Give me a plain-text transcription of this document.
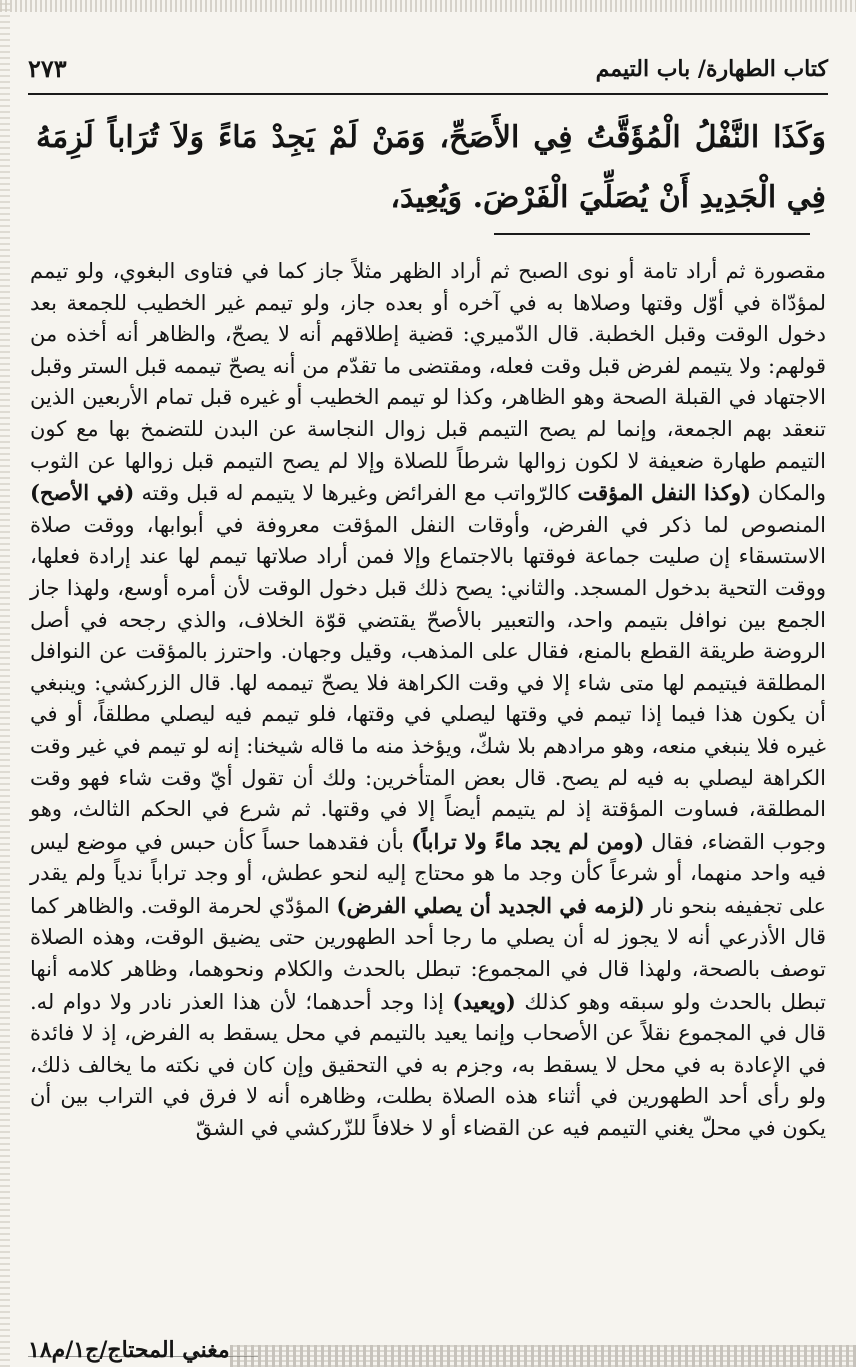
كتاب الطهارة/ باب التيمم
٢٧٣
وَكَذَا النَّفْلُ الْمُؤَقَّتُ فِي الأَصَحِّ، وَمَنْ لَمْ يَجِدْ مَاءً وَلاَ تُرَاباً لَزِمَهُ فِي الْجَدِيدِ أَنْ يُصَلِّيَ الْفَرْضَ. وَيُعِيدَ،
مقصورة ثم أراد تامة أو نوى الصبح ثم أراد الظهر مثلاً جاز كما في فتاوى البغوي، ولو تيمم لمؤدّاة في أوّل وقتها وصلاها به في آخره أو بعده جاز، ولو تيمم غير الخطيب للجمعة بعد دخول الوقت وقبل الخطبة. قال الدّميري: قضية إطلاقهم أنه لا يصحّ، والظاهر أنه أخذه من قولهم: ولا يتيمم لفرض قبل وقت فعله، ومقتضى ما تقدّم من أنه يصحّ تيممه قبل الستر وقبل الاجتهاد في القبلة الصحة وهو الظاهر، وكذا لو تيمم الخطيب أو غيره قبل تمام الأربعين الذين تنعقد بهم الجمعة، وإنما لم يصح التيمم قبل زوال النجاسة عن البدن للتضمخ بها مع كون التيمم طهارة ضعيفة لا لكون زوالها شرطاً للصلاة وإلا لم يصح التيمم قبل زوالها عن الثوب والمكان (وكذا النفل المؤقت كالرّواتب مع الفرائض وغيرها لا يتيمم له قبل وقته (في الأصح) المنصوص لما ذكر في الفرض، وأوقات النفل المؤقت معروفة في أبوابها، ووقت صلاة الاستسقاء إن صليت جماعة فوقتها بالاجتماع وإلا فمن أراد صلاتها تيمم لها عند إرادة فعلها، ووقت التحية بدخول المسجد. والثاني: يصح ذلك قبل دخول الوقت لأن أمره أوسع، ولهذا جاز الجمع بين نوافل بتيمم واحد، والتعبير بالأصحّ يقتضي قوّة الخلاف، والذي رجحه في أصل الروضة طريقة القطع بالمنع، فقال على المذهب، وقيل وجهان. واحترز بالمؤقت عن النوافل المطلقة فيتيمم لها متى شاء إلا في وقت الكراهة فلا يصحّ تيممه لها. قال الزركشي: وينبغي أن يكون هذا فيما إذا تيمم في وقتها ليصلي في وقتها، فلو تيمم فيه ليصلي مطلقاً، أو في غيره فلا ينبغي منعه، وهو مرادهم بلا شكّ، ويؤخذ منه ما قاله شيخنا: إنه لو تيمم في غير وقت الكراهة ليصلي به فيه لم يصح. قال بعض المتأخرين: ولك أن تقول أيّ وقت شاء فهو وقت المطلقة، فساوت المؤقتة إذ لم يتيمم أيضاً إلا في وقتها. ثم شرع في الحكم الثالث، وهو وجوب القضاء، فقال (ومن لم يجد ماءً ولا تراباً) بأن فقدهما حساً كأن حبس في موضع ليس فيه واحد منهما، أو شرعاً كأن وجد ما هو محتاج إليه لنحو عطش، أو وجد تراباً ندياً ولم يقدر على تجفيفه بنحو نار (لزمه في الجديد أن يصلي الفرض) المؤدّي لحرمة الوقت. والظاهر كما قال الأذرعي أنه لا يجوز له أن يصلي ما رجا أحد الطهورين حتى يضيق الوقت، وهذه الصلاة توصف بالصحة، ولهذا قال في المجموع: تبطل بالحدث والكلام ونحوهما، وظاهر كلامه أنها تبطل بالحدث ولو سبقه وهو كذلك (ويعيد) إذا وجد أحدهما؛ لأن هذا العذر نادر ولا دوام له. قال في المجموع نقلاً عن الأصحاب وإنما يعيد بالتيمم في محل يسقط به الفرض، إذ لا فائدة في الإعادة به في محل لا يسقط به، وجزم به في التحقيق وإن كان في نكته ما يخالف ذلك، ولو رأى أحد الطهورين في أثناء هذه الصلاة بطلت، وظاهره أنه لا فرق في التراب بين أن يكون في محلّ يغني التيمم فيه عن القضاء أو لا خلافاً للزّركشي في الشقّ
مغني المحتاج/ج١/م١٨
